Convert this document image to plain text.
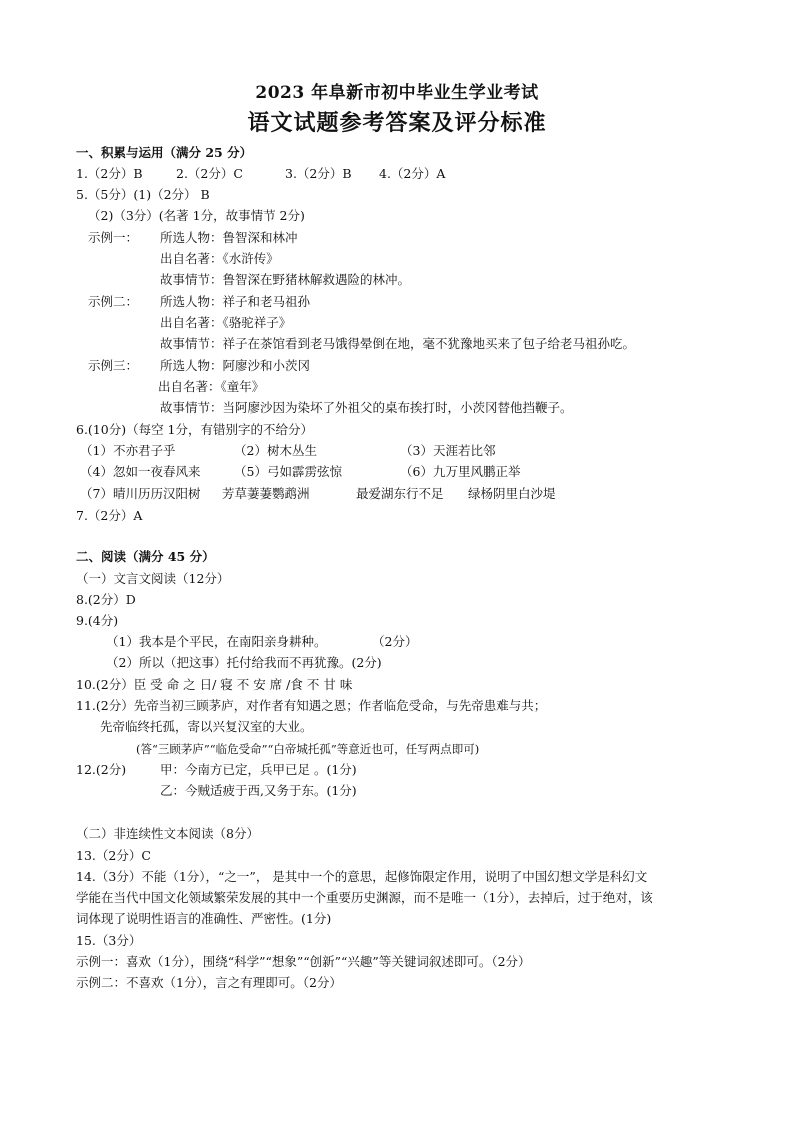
2023 年阜新市初中毕业生学业考试
语文试题参考答案及评分标准
一、积累与运用（满分 25 分）
1.（2分）B	2.（2分）C	3.（2分）B 4.（2分）A
5.（5分）(1)（2分） B
（2)（3分）(名著 1分，故事情节 2分)
示例一： 所选人物：鲁智深和林冲
出自名著：《水浒传》
故事情节：鲁智深在野猪林解救遇险的林冲。
示例二： 所选人物：祥子和老马祖孙
出自名著：《骆驼祥子》
故事情节：祥子在茶馆看到老马饿得晕倒在地，毫不犹豫地买来了包子给老马祖孙吃。
示例三： 所选人物：阿廖沙和小茨冈
出自名著：《童年》
故事情节：当阿廖沙因为染坏了外祖父的桌布挨打时，小茨冈替他挡鞭子。
6.(10分)（每空 1分，有错别字的不给分）
（1）不亦君子乎	（2）树木丛生	（3）天涯若比邻
（4）忽如一夜春风来	（5）弓如霹雳弦惊	（6）九万里风鹏正举
（7）晴川历历汉阳树 芳草萋萋鹦鹉洲	最爱湖东行不足 绿杨阴里白沙堤
7.（2分）A
二、阅读（满分 45 分）
（一）文言文阅读（12分）
8.(2分）D
9.(4分)
（1）我本是个平民，在南阳亲身耕种。	（2分）
（2）所以（把这事）托付给我而不再犹豫。(2分)
10.(2分）臣 受 命 之 日/ 寝 不 安 席 /食 不 甘 味
11.(2分）先帝当初三顾茅庐，对作者有知遇之恩；作者临危受命，与先帝患难与共；
先帝临终托孤，寄以兴复汉室的大业。
(答“三顾茅庐”“临危受命”“白帝城托孤”等意近也可，任写两点即可)
12.(2分)	甲：今南方已定，兵甲已足 。(1分)
乙：今贼适疲于西,又务于东。(1分)
（二）非连续性文本阅读（8分）
13.（2分）C
14.（3分）不能（1分），“之一”， 是其中一个的意思，起修饰限定作用，说明了中国幻想文学是科幻文
学能在当代中国文化领域繁荣发展的其中一个重要历史渊源，而不是唯一（1分），去掉后，过于绝对，该
词体现了说明性语言的准确性、严密性。(1分)
15.（3分）
示例一：喜欢（1分），围绕“科学”“想象”“创新”“兴趣”等关键词叙述即可。（2分）
示例二：不喜欢（1分），言之有理即可。（2分）
